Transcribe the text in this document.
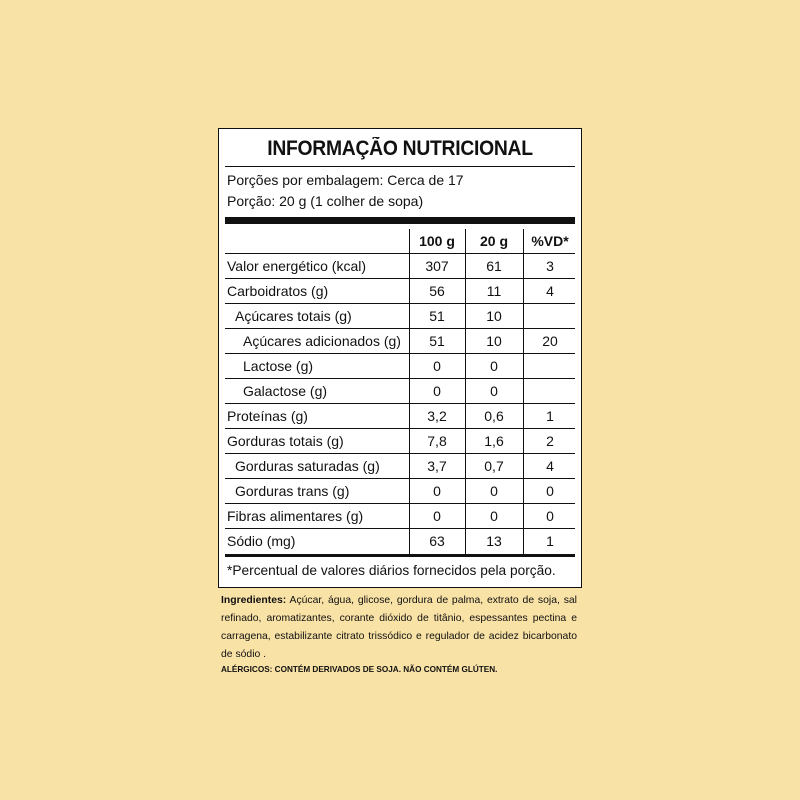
INFORMAÇÃO NUTRICIONAL
Porções por embalagem: Cerca de 17
Porção: 20 g (1 colher de sopa)
100 g	20 g	%VD*
Valor energético (kcal)	307	61	3
Carboidratos (g)	56	11	4
Açúcares totais (g)	51	10
Açúcares adicionados (g)	51	10	20
Lactose (g)	0	0
Galactose (g)	0	0
Proteínas (g)	3,2	0,6	1
Gorduras totais (g)	7,8	1,6	2
Gorduras saturadas (g)	3,7	0,7	4
Gorduras trans (g)	0	0	0
Fibras alimentares (g)	0	0	0
Sódio (mg)	63	13	1
*Percentual de valores diários fornecidos pela porção.
Ingredientes: Açúcar, água, glicose, gordura de palma, extrato de soja, sal refinado, aromatizantes, corante dióxido de titânio, espessantes pectina e carragena, estabilizante citrato trissódico e regulador de acidez bicarbonato de sódio .
ALÉRGICOS: CONTÉM DERIVADOS DE SOJA. NÃO CONTÉM GLÚTEN.
